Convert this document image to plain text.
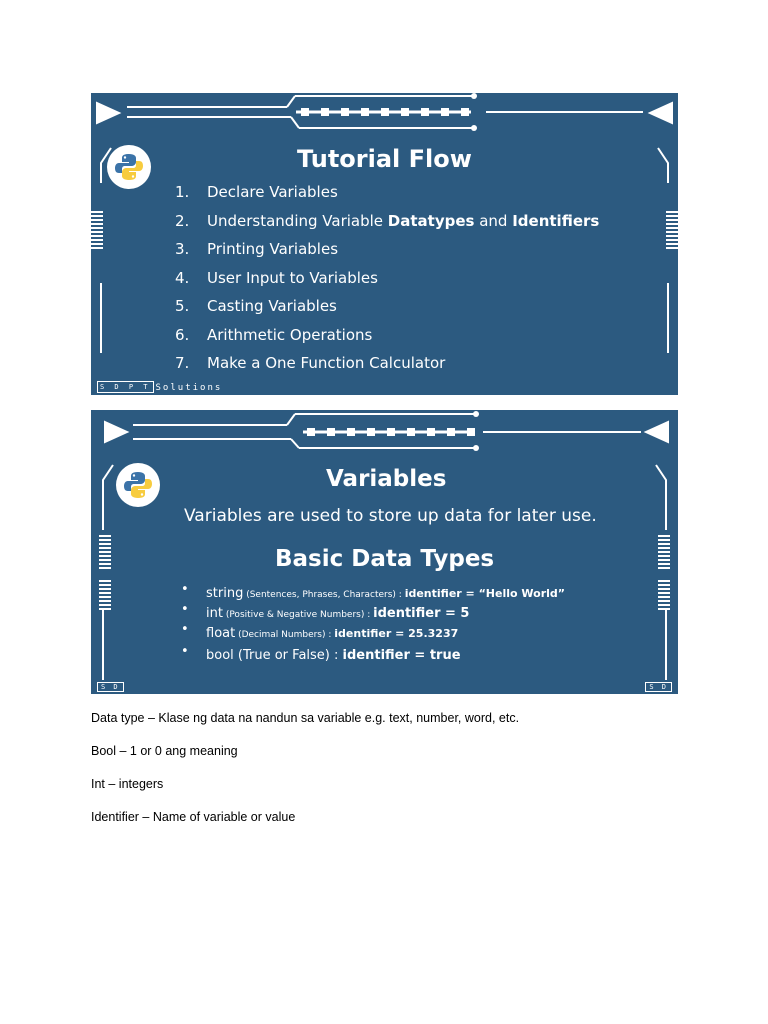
Tutorial Flow
1. Declare Variables
2. Understanding Variable Datatypes and Identifiers
3. Printing Variables
4. User Input to Variables
5. Casting Variables
6. Arithmetic Operations
7. Make a One Function Calculator
S D P T Solutions
Variables
Variables are used to store up data for later use.
Basic Data Types
• string (Sentences, Phrases, Characters) : identifier = “Hello World”
• int (Positive & Negative Numbers) : identifier = 5
• float (Decimal Numbers) : identifier = 25.3237
• bool (True or False) : identifier = true
S D	S D
Data type – Klase ng data na nandun sa variable e.g. text, number, word, etc.
Bool – 1 or 0 ang meaning
Int – integers
Identifier – Name of variable or value
